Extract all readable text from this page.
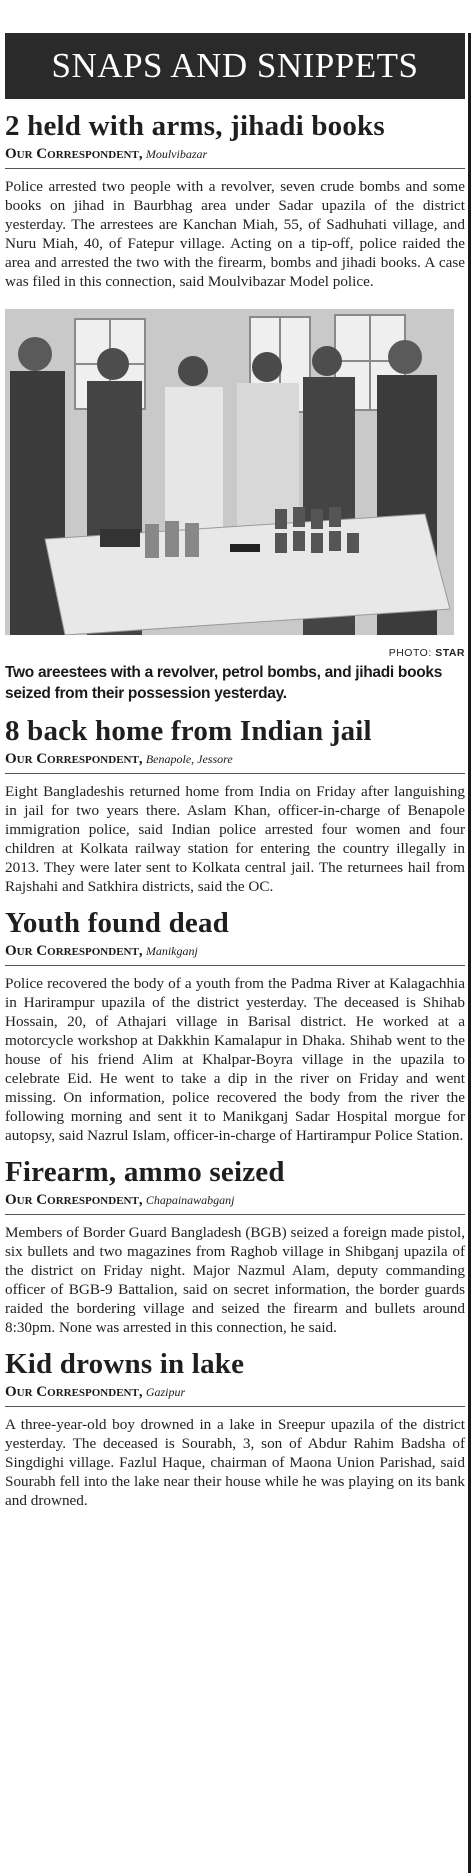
SNAPS AND SNIPPETS
2 held with arms, jihadi books
Our Correspondent, Moulvibazar

Police arrested two people with a revolver, seven crude bombs and some books on jihad in Baurbhag area under Sadar upazila of the district yesterday. The arrestees are Kanchan Miah, 55, of Sadhuhati village, and Nuru Miah, 40, of Fatepur village. Acting on a tip-off, police raided the area and arrested the two with the firearm, bombs and jihadi books. A case was filed in this connection, said Moulvibazar Model police.

PHOTO: STAR

Two areestees with a revolver, petrol bombs, and jihadi books seized from their possession yesterday.

8 back home from Indian jail
Our Correspondent, Benapole, Jessore

Eight Bangladeshis returned home from India on Friday after languishing in jail for two years there. Aslam Khan, officer-in-charge of Benapole immigration police, said Indian police arrested four women and four children at Kolkata railway station for entering the country illegally in 2013. They were later sent to Kolkata central jail. The returnees hail from Rajshahi and Satkhira districts, said the OC.

Youth found dead
Our Correspondent, Manikganj

Police recovered the body of a youth from the Padma River at Kalagachhia in Harirampur upazila of the district yesterday. The deceased is Shihab Hossain, 20, of Athajari village in Barisal district. He worked at a motorcycle workshop at Dakkhin Kamalapur in Dhaka. Shihab went to the house of his friend Alim at Khalpar-Boyra village in the upazila to celebrate Eid. He went to take a dip in the river on Friday and went missing. On information, police recovered the body from the river the following morning and sent it to Manikganj Sadar Hospital morgue for autopsy, said Nazrul Islam, officer-in-charge of Hartirampur Police Station.

Firearm, ammo seized
Our Correspondent, Chapainawabganj

Members of Border Guard Bangladesh (BGB) seized a foreign made pistol, six bullets and two magazines from Raghob village in Shibganj upazila of the district on Friday night. Major Nazmul Alam, deputy commanding officer of BGB-9 Battalion, said on secret information, the border guards raided the bordering village and seized the firearm and bullets around 8:30pm. None was arrested in this connection, he said.

Kid drowns in lake
Our Correspondent, Gazipur

A three-year-old boy drowned in a lake in Sreepur upazila of the district yesterday. The deceased is Sourabh, 3, son of Abdur Rahim Badsha of Singdighi village. Fazlul Haque, chairman of Maona Union Parishad, said Sourabh fell into the lake near their house while he was playing on its bank and drowned.
